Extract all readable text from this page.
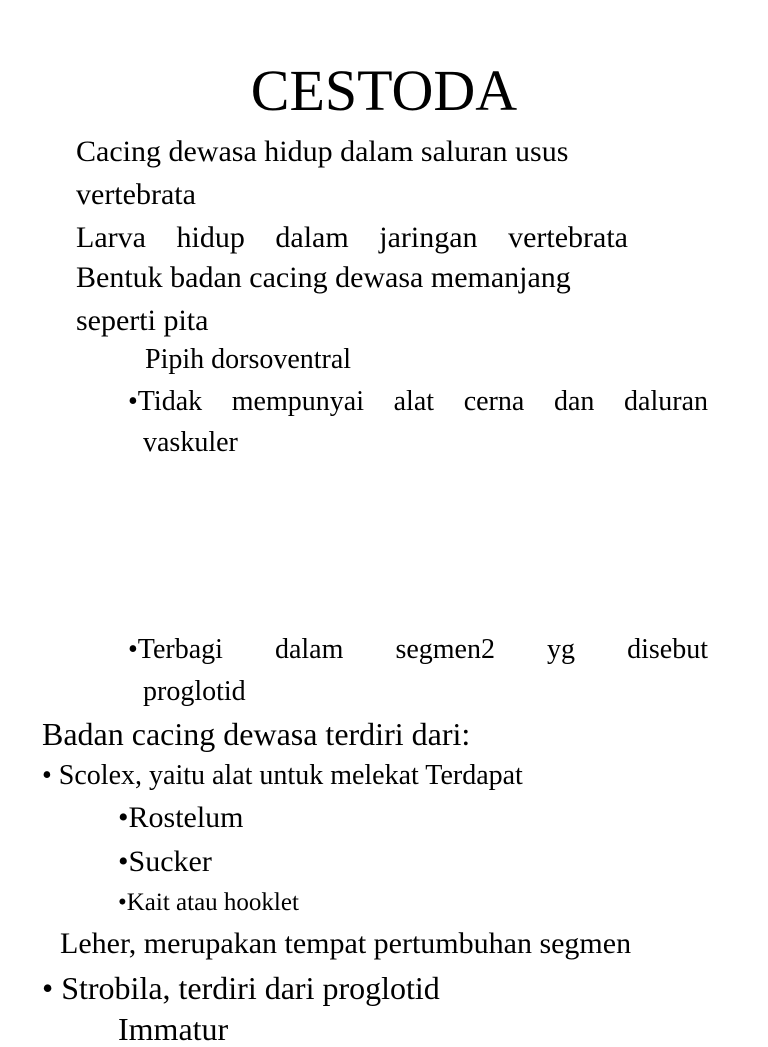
CESTODA
Cacing dewasa hidup dalam saluran usus
vertebrata
Larva hidup dalam jaringan vertebrata
Bentuk badan cacing dewasa memanjang
seperti pita
Pipih dorsoventral
•Tidak mempunyai alat cerna dan daluran
vaskuler
•Terbagi dalam segmen2 yg disebut
proglotid
Badan cacing dewasa terdiri dari:
• Scolex, yaitu alat untuk melekat Terdapat
•Rostelum
•Sucker
•Kait atau hooklet
Leher, merupakan tempat pertumbuhan segmen
• Strobila, terdiri dari proglotid
Immatur
